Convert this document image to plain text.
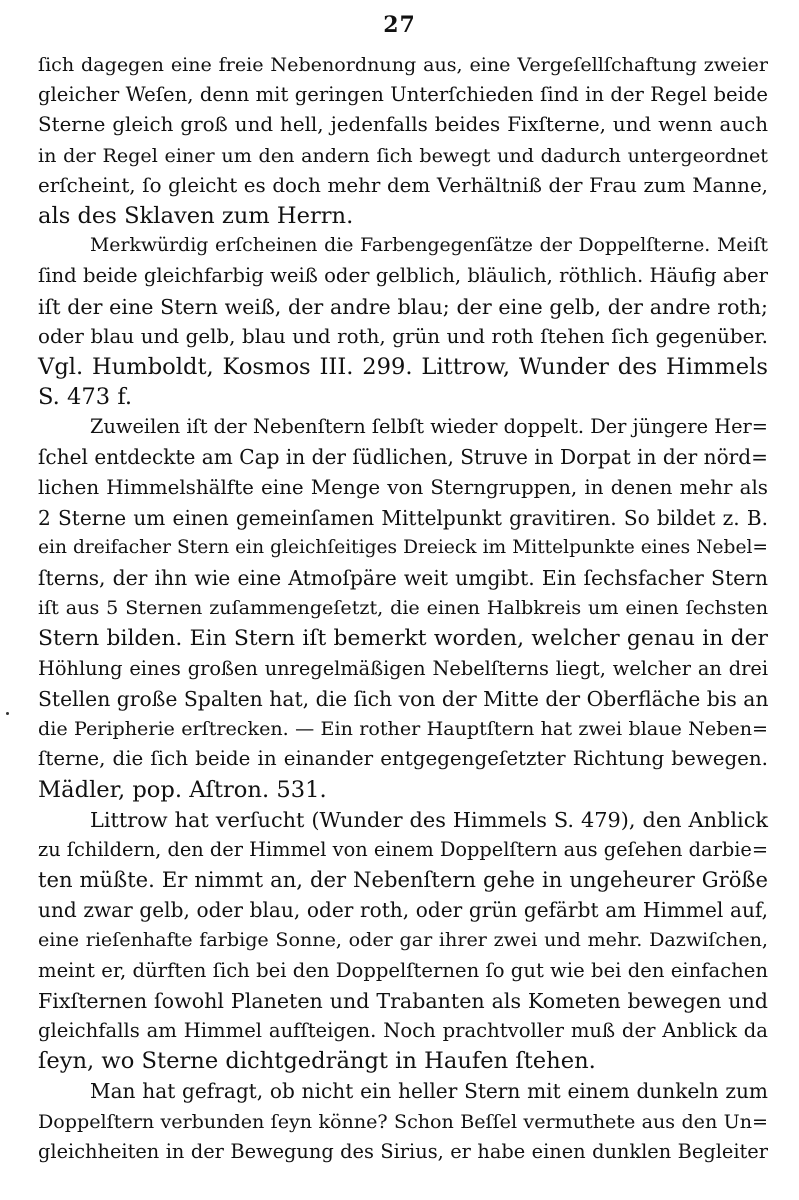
27
ſich dagegen eine freie Nebenordnung aus, eine Vergeſellſchaftung zweier
gleicher Weſen, denn mit geringen Unterſchieden ſind in der Regel beide
Sterne gleich groß und hell, jedenfalls beides Fixſterne, und wenn auch
in der Regel einer um den andern ſich bewegt und dadurch untergeordnet
erſcheint, ſo gleicht es doch mehr dem Verhältniß der Frau zum Manne,
als des Sklaven zum Herrn.
Merkwürdig erſcheinen die Farbengegenſätze der Doppelſterne. Meiſt
ſind beide gleichfarbig weiß oder gelblich, bläulich, röthlich. Häufig aber
iſt der eine Stern weiß, der andre blau; der eine gelb, der andre roth;
oder blau und gelb, blau und roth, grün und roth ſtehen ſich gegenüber.
Vgl. Humboldt, Kosmos III. 299. Littrow, Wunder des Himmels
S. 473 f.
Zuweilen iſt der Nebenſtern ſelbſt wieder doppelt. Der jüngere Her=
ſchel entdeckte am Cap in der ſüdlichen, Struve in Dorpat in der nörd=
lichen Himmelshälfte eine Menge von Sterngruppen, in denen mehr als
2 Sterne um einen gemeinſamen Mittelpunkt gravitiren. So bildet z. B.
ein dreifacher Stern ein gleichſeitiges Dreieck im Mittelpunkte eines Nebel=
ſterns, der ihn wie eine Atmoſpäre weit umgibt. Ein ſechsfacher Stern
iſt aus 5 Sternen zuſammengeſetzt, die einen Halbkreis um einen ſechsten
Stern bilden. Ein Stern iſt bemerkt worden, welcher genau in der
Höhlung eines großen unregelmäßigen Nebelſterns liegt, welcher an drei
Stellen große Spalten hat, die ſich von der Mitte der Oberfläche bis an
die Peripherie erſtrecken. — Ein rother Hauptſtern hat zwei blaue Neben=
ſterne, die ſich beide in einander entgegengeſetzter Richtung bewegen.
Mädler, pop. Aſtron. 531.
Littrow hat verſucht (Wunder des Himmels S. 479), den Anblick
zu ſchildern, den der Himmel von einem Doppelſtern aus geſehen darbie=
ten müßte. Er nimmt an, der Nebenſtern gehe in ungeheurer Größe
und zwar gelb, oder blau, oder roth, oder grün gefärbt am Himmel auf,
eine rieſenhafte farbige Sonne, oder gar ihrer zwei und mehr. Dazwiſchen,
meint er, dürften ſich bei den Doppelſternen ſo gut wie bei den einfachen
Fixſternen ſowohl Planeten und Trabanten als Kometen bewegen und
gleichfalls am Himmel aufſteigen. Noch prachtvoller muß der Anblick da
ſeyn, wo Sterne dichtgedrängt in Haufen ſtehen.
Man hat gefragt, ob nicht ein heller Stern mit einem dunkeln zum
Doppelſtern verbunden ſeyn könne? Schon Beſſel vermuthete aus den Un=
gleichheiten in der Bewegung des Sirius, er habe einen dunklen Begleiter
